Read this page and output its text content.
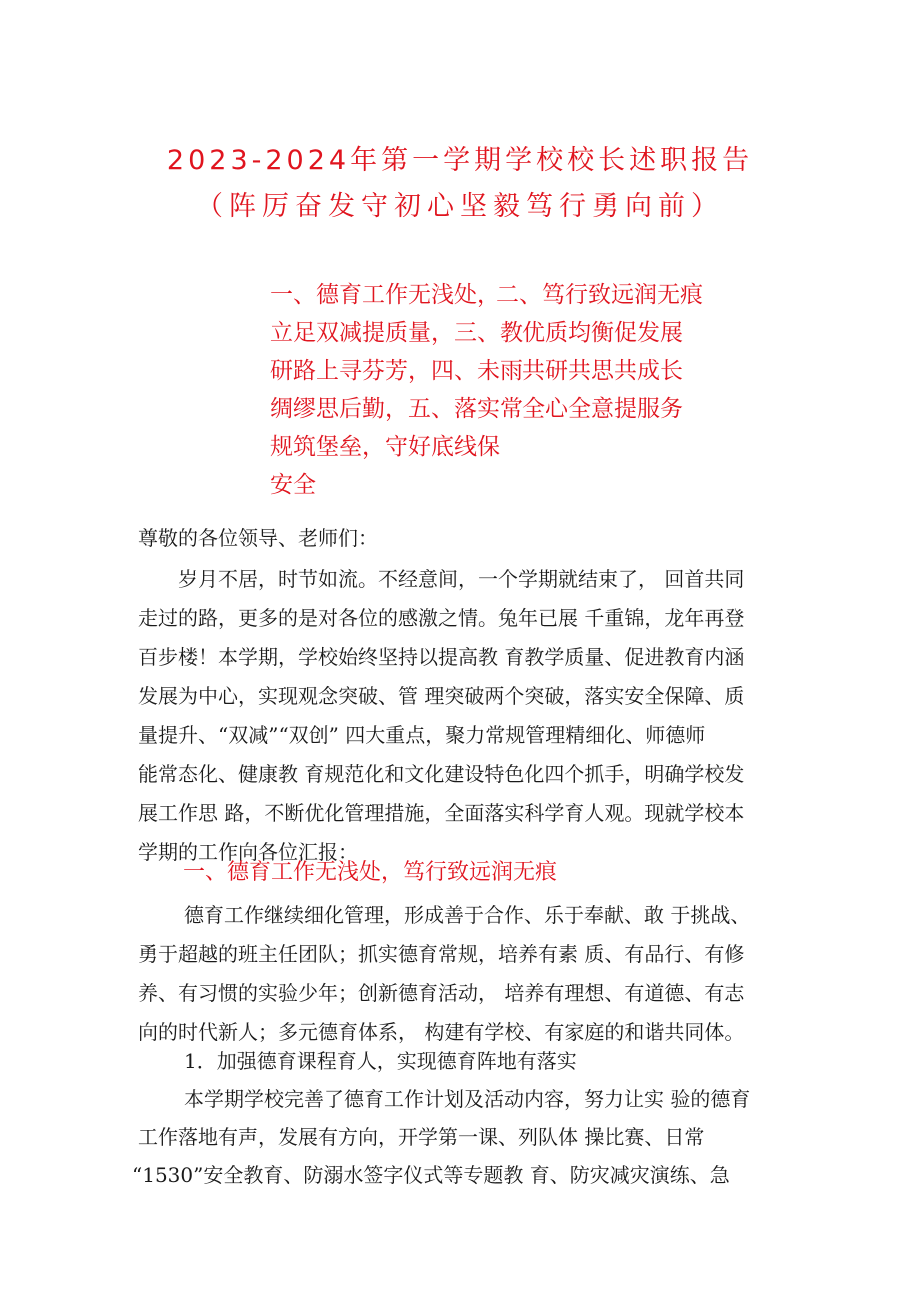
2023-2024年第一学期学校校长述职报告
（阵厉奋发守初心坚毅笃行勇向前）
一、德育工作无浅处，
立足双减提质量，三、教
研路上寻芬芳，四、未雨
绸缪思后勤，五、落实常
规筑堡垒，守好底线保
安全
二、笃行致远润无痕
优质均衡促发展
共研共思共成长
全心全意提服务
尊敬的各位领导、老师们：
岁月不居，时节如流。不经意间，一个学期就结束了， 回首共同
走过的路，更多的是对各位的感激之情。兔年已展 千重锦，龙年再登
百步楼！本学期，学校始终坚持以提高教 育教学质量、促进教育内涵
发展为中心，实现观念突破、管 理突破两个突破，落实安全保障、质
量提升、“双减”“双创” 四大重点，聚力常规管理精细化、师德师
能常态化、健康教 育规范化和文化建设特色化四个抓手，明确学校发
展工作思 路，不断优化管理措施，全面落实科学育人观。现就学校本
学期的工作向各位汇报：
一、德育工作无浅处，笃行致远润无痕
德育工作继续细化管理，形成善于合作、乐于奉献、敢 于挑战、
勇于超越的班主任团队；抓实德育常规，培养有素 质、有品行、有修
养、有习惯的实验少年；创新德育活动， 培养有理想、有道德、有志
向的时代新人；多元德育体系， 构建有学校、有家庭的和谐共同体。
1．加强德育课程育人，实现德育阵地有落实
本学期学校完善了德育工作计划及活动内容，努力让实 验的德育
工作落地有声，发展有方向，开学第一课、列队体 操比赛、日常
“1530”安全教育、防溺水签字仪式等专题教 育、防灾减灾演练、急
